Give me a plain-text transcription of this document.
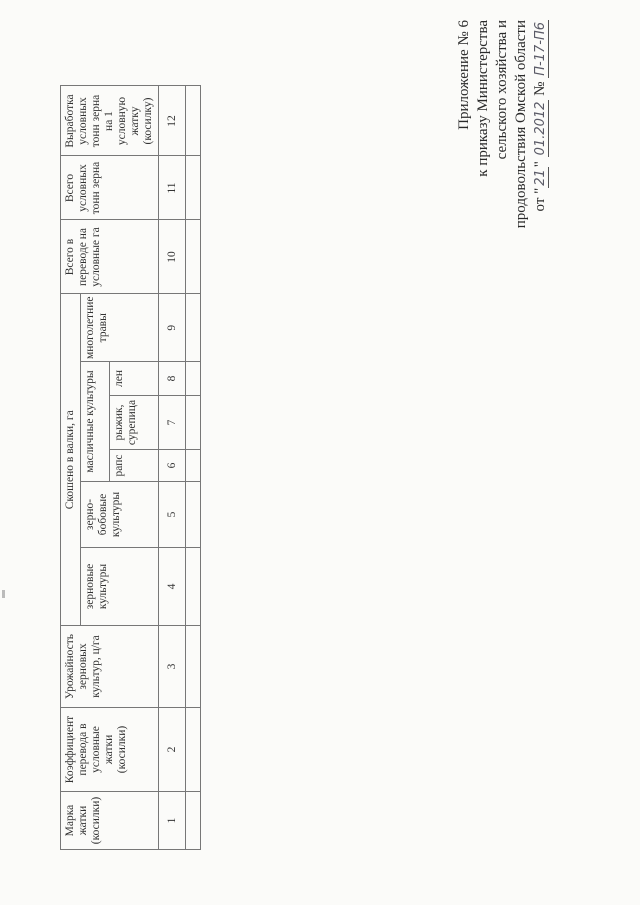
Приложение № 6 к приказу Министерства сельского хозяйства и продовольствия Омской области от "21" 01.2012 № П-17-П6
Марка жатки (косилки)	Коэффициент перевода в условные жатки (косилки)	Урожайность зерновых культур, ц/га	Скошено в валки, га						Всего в переводе на условные га	Всего условных тонн зерна	Выработка условных тонн зерна на 1 условную жатку (косилку)
			зерновые культуры	зерно-бобовые культуры	масличные культуры			многолетние травы			
					рапс	рыжик, сурепица	лен				
1	2	3	4	5	6	7	8	9	10	11	12
